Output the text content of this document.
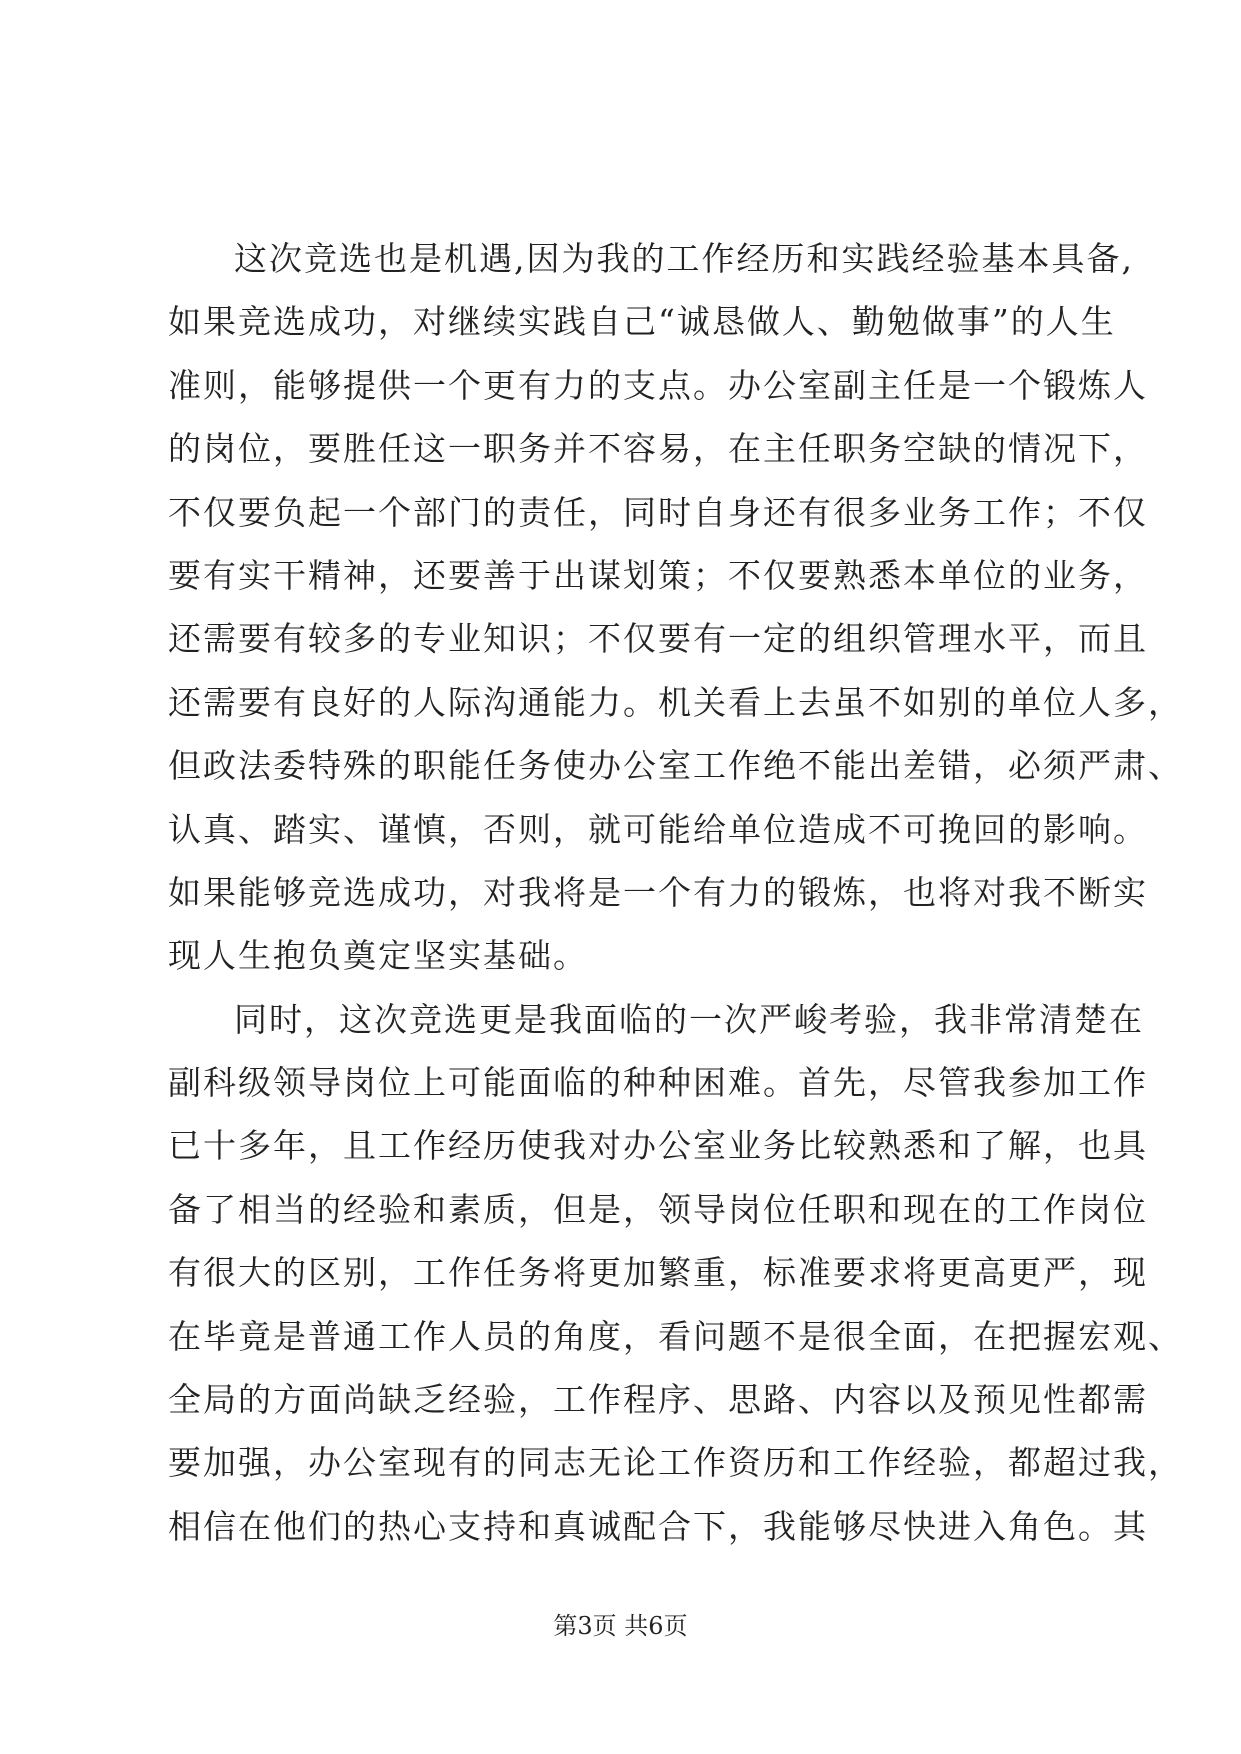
这次竞选也是机遇,因为我的工作经历和实践经验基本具备,
如果竞选成功，对继续实践自己“诚恳做人、勤勉做事”的人生
准则，能够提供一个更有力的支点。办公室副主任是一个锻炼人
的岗位，要胜任这一职务并不容易，在主任职务空缺的情况下，
不仅要负起一个部门的责任，同时自身还有很多业务工作；不仅
要有实干精神，还要善于出谋划策；不仅要熟悉本单位的业务，
还需要有较多的专业知识；不仅要有一定的组织管理水平，而且
还需要有良好的人际沟通能力。机关看上去虽不如别的单位人多，
但政法委特殊的职能任务使办公室工作绝不能出差错，必须严肃、
认真、踏实、谨慎，否则，就可能给单位造成不可挽回的影响。
如果能够竞选成功，对我将是一个有力的锻炼，也将对我不断实
现人生抱负奠定坚实基础。
同时，这次竞选更是我面临的一次严峻考验，我非常清楚在
副科级领导岗位上可能面临的种种困难。首先，尽管我参加工作
已十多年，且工作经历使我对办公室业务比较熟悉和了解，也具
备了相当的经验和素质，但是，领导岗位任职和现在的工作岗位
有很大的区别，工作任务将更加繁重，标准要求将更高更严，现
在毕竟是普通工作人员的角度，看问题不是很全面，在把握宏观、
全局的方面尚缺乏经验，工作程序、思路、内容以及预见性都需
要加强，办公室现有的同志无论工作资历和工作经验，都超过我，
相信在他们的热心支持和真诚配合下，我能够尽快进入角色。其
第3页 共6页
